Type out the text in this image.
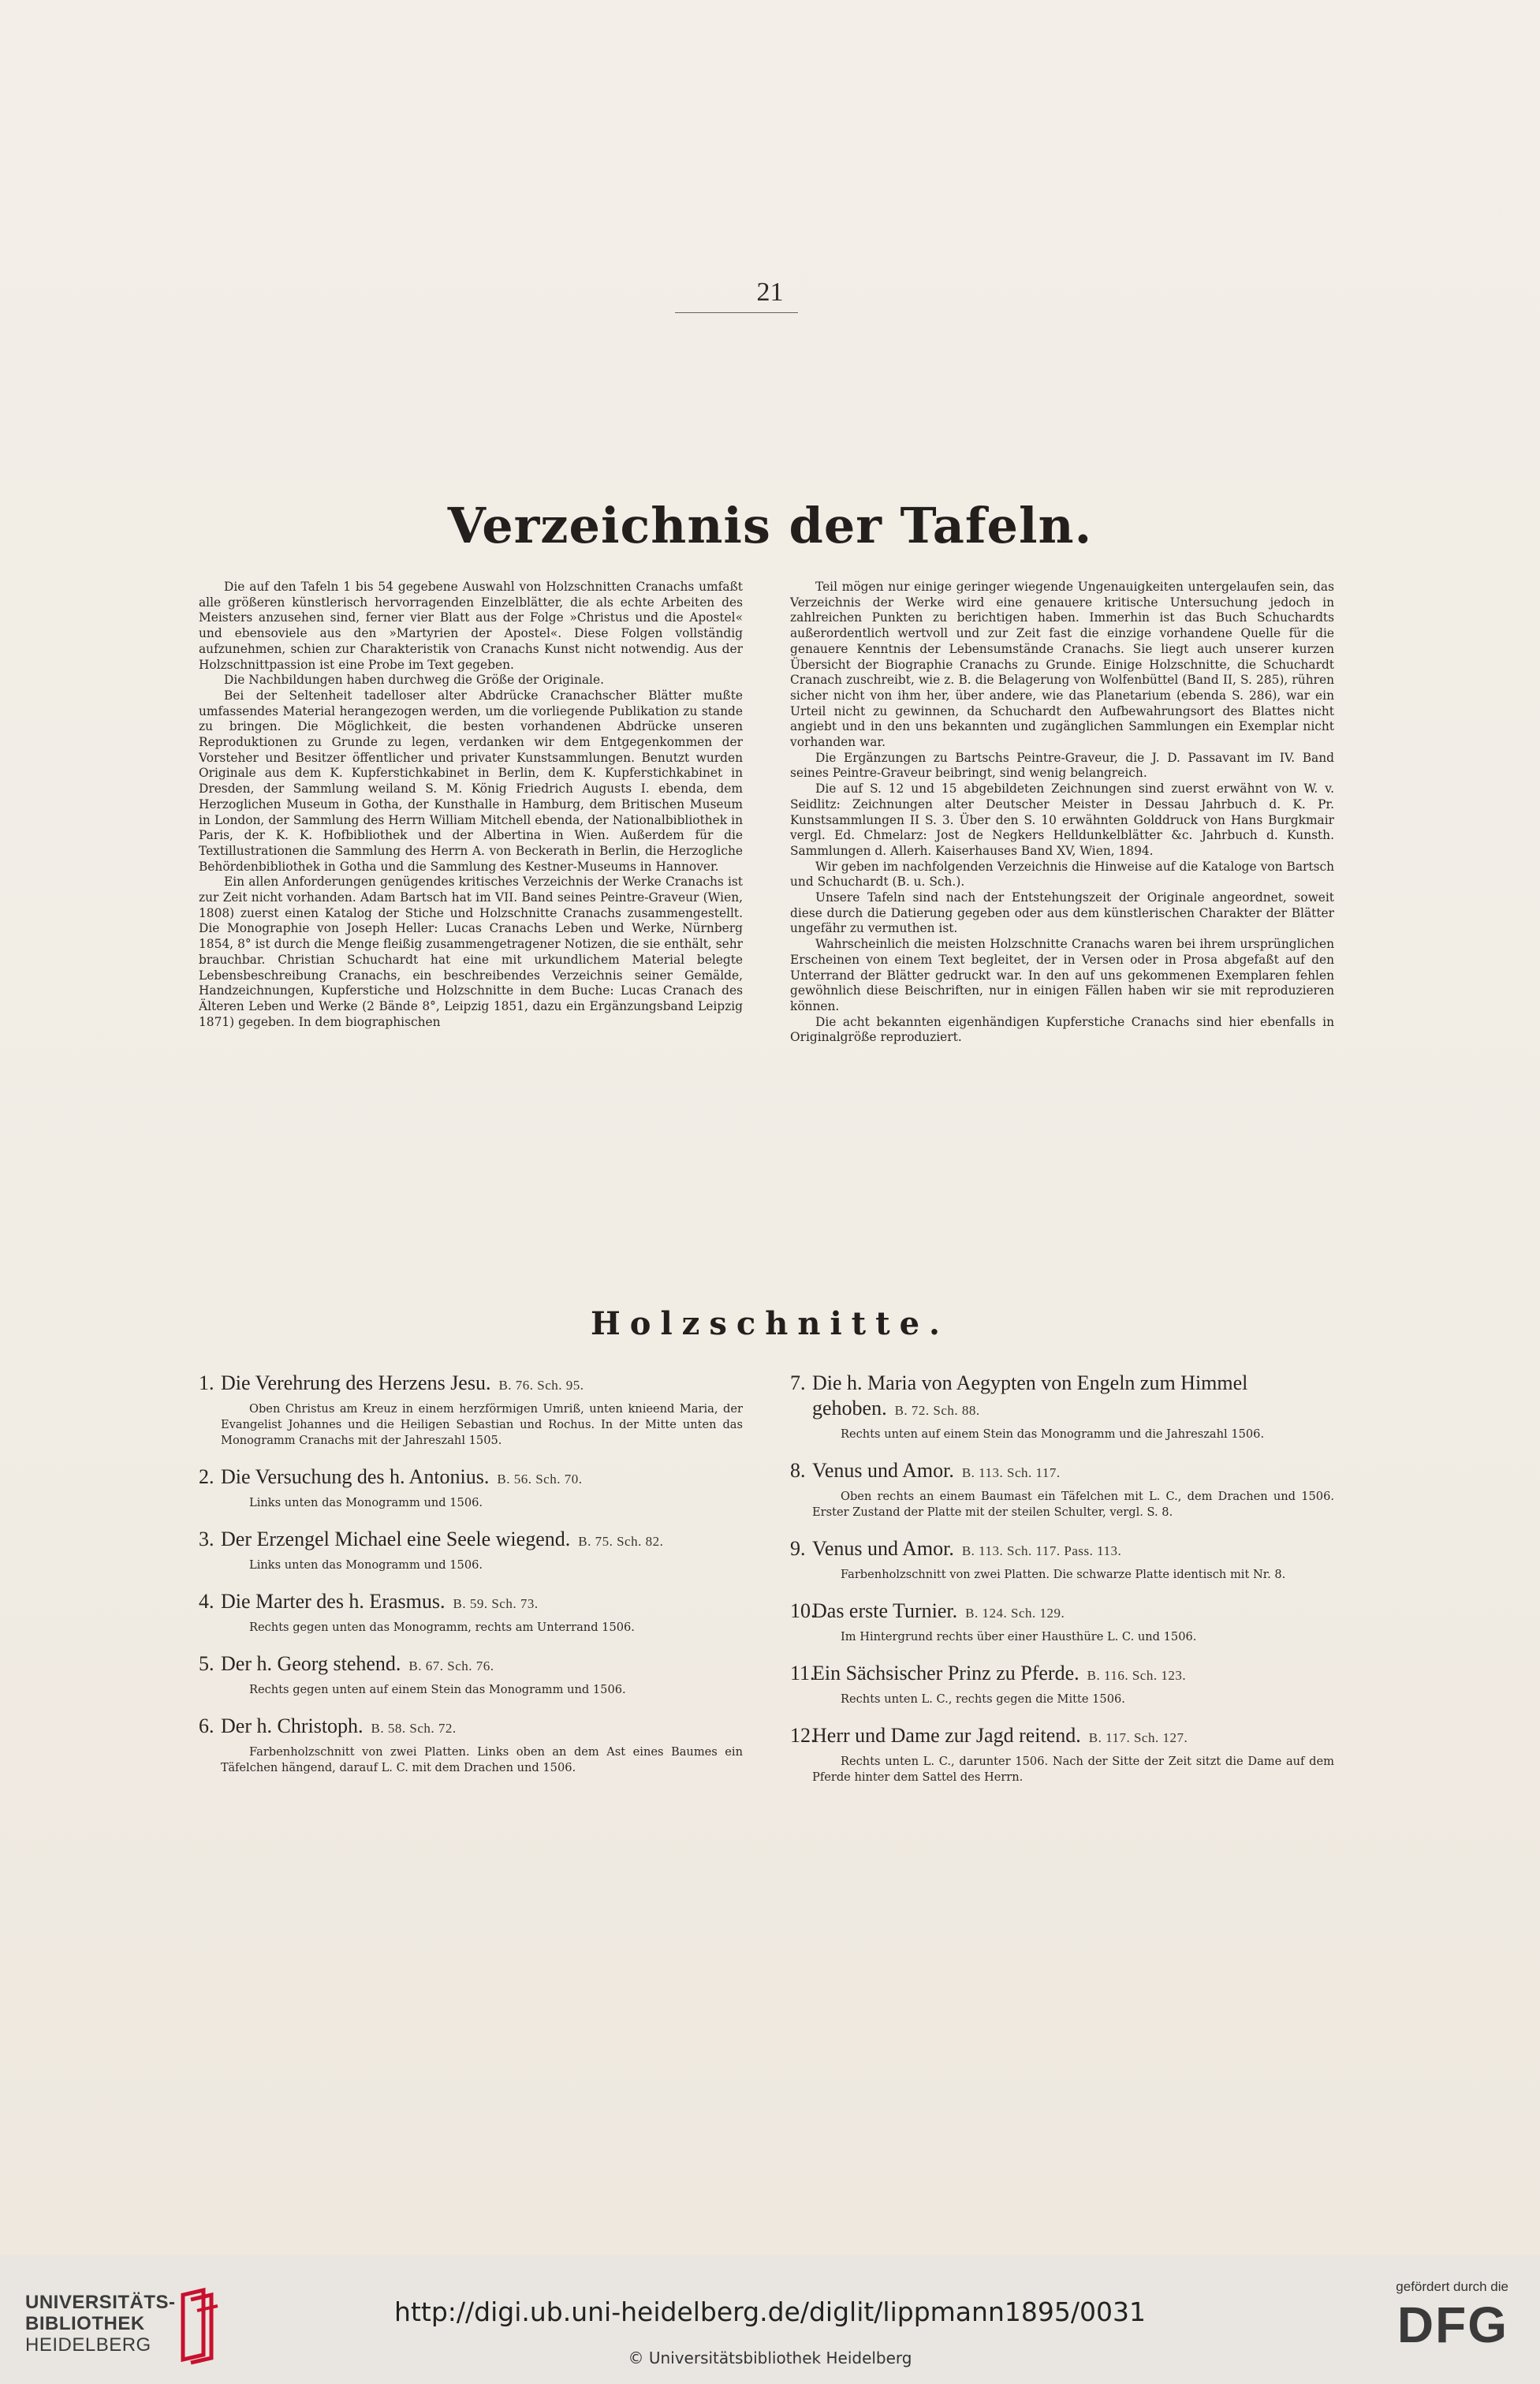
21
Verzeichnis der Tafeln.

Die auf den Tafeln 1 bis 54 gegebene Auswahl von Holzschnitten Cranachs umfaßt alle größeren künstlerisch hervorragenden Einzelblätter, die als echte Arbeiten des Meisters anzusehen sind, ferner vier Blatt aus der Folge »Christus und die Apostel« und ebensoviele aus den »Martyrien der Apostel«. Diese Folgen vollständig aufzunehmen, schien zur Charakteristik von Cranachs Kunst nicht notwendig. Aus der Holzschnittpassion ist eine Probe im Text gegeben.

Die Nachbildungen haben durchweg die Größe der Originale.

Bei der Seltenheit tadelloser alter Abdrücke Cranachscher Blätter mußte umfassendes Material herangezogen werden, um die vorliegende Publikation zu stande zu bringen. Die Möglichkeit, die besten vorhandenen Abdrücke unseren Reproduktionen zu Grunde zu legen, verdanken wir dem Entgegenkommen der Vorsteher und Besitzer öffentlicher und privater Kunstsammlungen. Benutzt wurden Originale aus dem K. Kupferstichkabinet in Berlin, dem K. Kupferstichkabinet in Dresden, der Sammlung weiland S. M. König Friedrich Augusts I. ebenda, dem Herzoglichen Museum in Gotha, der Kunsthalle in Hamburg, dem Britischen Museum in London, der Sammlung des Herrn William Mitchell ebenda, der Nationalbibliothek in Paris, der K. K. Hofbibliothek und der Albertina in Wien. Außerdem für die Textillustrationen die Sammlung des Herrn A. von Beckerath in Berlin, die Herzogliche Behördenbibliothek in Gotha und die Sammlung des Kestner-Museums in Hannover.

Ein allen Anforderungen genügendes kritisches Verzeichnis der Werke Cranachs ist zur Zeit nicht vorhanden. Adam Bartsch hat im VII. Band seines Peintre-Graveur (Wien, 1808) zuerst einen Katalog der Stiche und Holzschnitte Cranachs zusammengestellt. Die Monographie von Joseph Heller: Lucas Cranachs Leben und Werke, Nürnberg 1854, 8° ist durch die Menge fleißig zusammengetragener Notizen, die sie enthält, sehr brauchbar. Christian Schuchardt hat eine mit urkundlichem Material belegte Lebensbeschreibung Cranachs, ein beschreibendes Verzeichnis seiner Gemälde, Handzeichnungen, Kupferstiche und Holzschnitte in dem Buche: Lucas Cranach des Älteren Leben und Werke (2 Bände 8°, Leipzig 1851, dazu ein Ergänzungsband Leipzig 1871) gegeben. In dem biographischen

Teil mögen nur einige geringer wiegende Ungenauigkeiten untergelaufen sein, das Verzeichnis der Werke wird eine genauere kritische Untersuchung jedoch in zahlreichen Punkten zu berichtigen haben. Immerhin ist das Buch Schuchardts außerordentlich wertvoll und zur Zeit fast die einzige vorhandene Quelle für die genauere Kenntnis der Lebensumstände Cranachs. Sie liegt auch unserer kurzen Übersicht der Biographie Cranachs zu Grunde. Einige Holzschnitte, die Schuchardt Cranach zuschreibt, wie z. B. die Belagerung von Wolfenbüttel (Band II, S. 285), rühren sicher nicht von ihm her, über andere, wie das Planetarium (ebenda S. 286), war ein Urteil nicht zu gewinnen, da Schuchardt den Aufbewahrungsort des Blattes nicht angiebt und in den uns bekannten und zugänglichen Sammlungen ein Exemplar nicht vorhanden war.

Die Ergänzungen zu Bartschs Peintre-Graveur, die J. D. Passavant im IV. Band seines Peintre-Graveur beibringt, sind wenig belangreich.

Die auf S. 12 und 15 abgebildeten Zeichnungen sind zuerst erwähnt von W. v. Seidlitz: Zeichnungen alter Deutscher Meister in Dessau Jahrbuch d. K. Pr. Kunstsammlungen II S. 3. Über den S. 10 erwähnten Golddruck von Hans Burgkmair vergl. Ed. Chmelarz: Jost de Negkers Helldunkelblätter &c. Jahrbuch d. Kunsth. Sammlungen d. Allerh. Kaiserhauses Band XV, Wien, 1894.

Wir geben im nachfolgenden Verzeichnis die Hinweise auf die Kataloge von Bartsch und Schuchardt (B. u. Sch.).

Unsere Tafeln sind nach der Entstehungszeit der Originale angeordnet, soweit diese durch die Datierung gegeben oder aus dem künstlerischen Charakter der Blätter ungefähr zu vermuthen ist.

Wahrscheinlich die meisten Holzschnitte Cranachs waren bei ihrem ursprünglichen Erscheinen von einem Text begleitet, der in Versen oder in Prosa abgefaßt auf den Unterrand der Blätter gedruckt war. In den auf uns gekommenen Exemplaren fehlen gewöhnlich diese Beischriften, nur in einigen Fällen haben wir sie mit reproduzieren können.

Die acht bekannten eigenhändigen Kupferstiche Cranachs sind hier ebenfalls in Originalgröße reproduziert.

Holzschnitte.
1. Die Verehrung des Herzens Jesu. B. 76. Sch. 95.
Oben Christus am Kreuz in einem herzförmigen Umriß, unten knieend Maria, der Evangelist Johannes und die Heiligen Sebastian und Rochus. In der Mitte unten das Monogramm Cranachs mit der Jahreszahl 1505.
2. Die Versuchung des h. Antonius. B. 56. Sch. 70.
Links unten das Monogramm und 1506.
3. Der Erzengel Michael eine Seele wiegend. B. 75. Sch. 82.
Links unten das Monogramm und 1506.
4. Die Marter des h. Erasmus. B. 59. Sch. 73.
Rechts gegen unten das Monogramm, rechts am Unterrand 1506.
5. Der h. Georg stehend. B. 67. Sch. 76.
Rechts gegen unten auf einem Stein das Monogramm und 1506.
6. Der h. Christoph. B. 58. Sch. 72.
Farbenholzschnitt von zwei Platten. Links oben an dem Ast eines Baumes ein Täfelchen hängend, darauf L. C. mit dem Drachen und 1506.
7. Die h. Maria von Aegypten von Engeln zum Himmel gehoben. B. 72. Sch. 88.
Rechts unten auf einem Stein das Monogramm und die Jahreszahl 1506.
8. Venus und Amor. B. 113. Sch. 117.
Oben rechts an einem Baumast ein Täfelchen mit L. C., dem Drachen und 1506. Erster Zustand der Platte mit der steilen Schulter, vergl. S. 8.
9. Venus und Amor. B. 113. Sch. 117. Pass. 113.
Farbenholzschnitt von zwei Platten. Die schwarze Platte identisch mit Nr. 8.
10.Das erste Turnier. B. 124. Sch. 129.
Im Hintergrund rechts über einer Hausthüre L. C. und 1506.
11.Ein Sächsischer Prinz zu Pferde. B. 116. Sch. 123.
Rechts unten L. C., rechts gegen die Mitte 1506.
12.Herr und Dame zur Jagd reitend. B. 117. Sch. 127.
Rechts unten L. C., darunter 1506. Nach der Sitte der Zeit sitzt die Dame auf dem Pferde hinter dem Sattel des Herrn.
UNIVERSITÄTS-
BIBLIOTHEK
HEIDELBERG
http://digi.ub.uni-heidelberg.de/diglit/lippmann1895/0031
© Universitätsbibliothek Heidelberg
gefördert durch die
DFG
